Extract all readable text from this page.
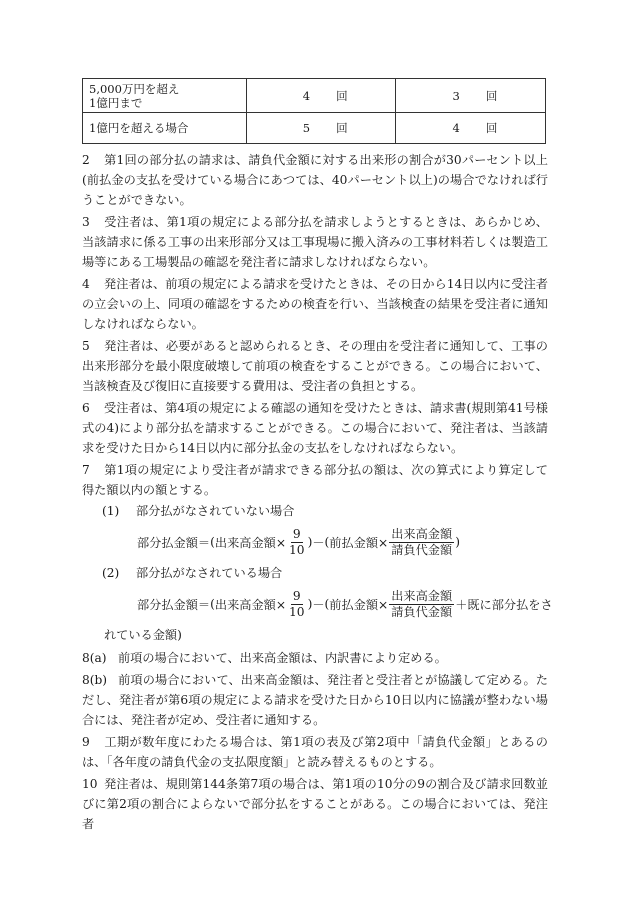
5,000万円を超え
1億円まで	4 回	3 回

1億円を超える場合	5 回	4 回
2 第1回の部分払の請求は、請負代金額に対する出来形の割合が30パーセント以上(前払金の支払を受けている場合にあつては、40パーセント以上)の場合でなければ行うことができない。
3 受注者は、第1項の規定による部分払を請求しようとするときは、あらかじめ、当該請求に係る工事の出来形部分又は工事現場に搬入済みの工事材料若しくは製造工場等にある工場製品の確認を発注者に請求しなければならない。
4 発注者は、前項の規定による請求を受けたときは、その日から14日以内に受注者の立会いの上、同項の確認をするための検査を行い、当該検査の結果を受注者に通知しなければならない。
5 発注者は、必要があると認められるとき、その理由を受注者に通知して、工事の出来形部分を最小限度破壊して前項の検査をすることができる。この場合において、当該検査及び復旧に直接要する費用は、受注者の負担とする。
6 受注者は、第4項の規定による確認の通知を受けたときは、請求書(規則第41号様式の4)により部分払を請求することができる。この場合において、発注者は、当該請求を受けた日から14日以内に部分払金の支払をしなければならない。
7 第1項の規定により受注者が請求できる部分払の額は、次の算式により算定して得た額以内の額とする。
(1) 部分払がなされていない場合
部分払金額＝ ( 出来高金額× $\frac{9}{10}$ ) － ( 前払金額× $\frac{\text{出来高金額}}{\text{請負代金額}}$ )
(2) 部分払がなされている場合
部分払金額＝ ( 出来高金額× $\frac{9}{10}$ ) － ( 前払金額× $\frac{\text{出来高金額}}{\text{請負代金額}}$ ＋既に部分払をさ
れている金額)
8(a) 前項の場合において、出来高金額は、内訳書により定める。
8(b) 前項の場合において、出来高金額は、発注者と受注者とが協議して定める。ただし、発注者が第6項の規定による請求を受けた日から10日以内に協議が整わない場合には、発注者が定め、受注者に通知する。
9 工期が数年度にわたる場合は、第1項の表及び第2項中「請負代金額」とあるのは、「各年度の請負代金の支払限度額」と読み替えるものとする。
10 発注者は、規則第144条第7項の場合は、第1項の10分の9の割合及び請求回数並びに第2項の割合によらないで部分払をすることがある。この場合においては、発注者
